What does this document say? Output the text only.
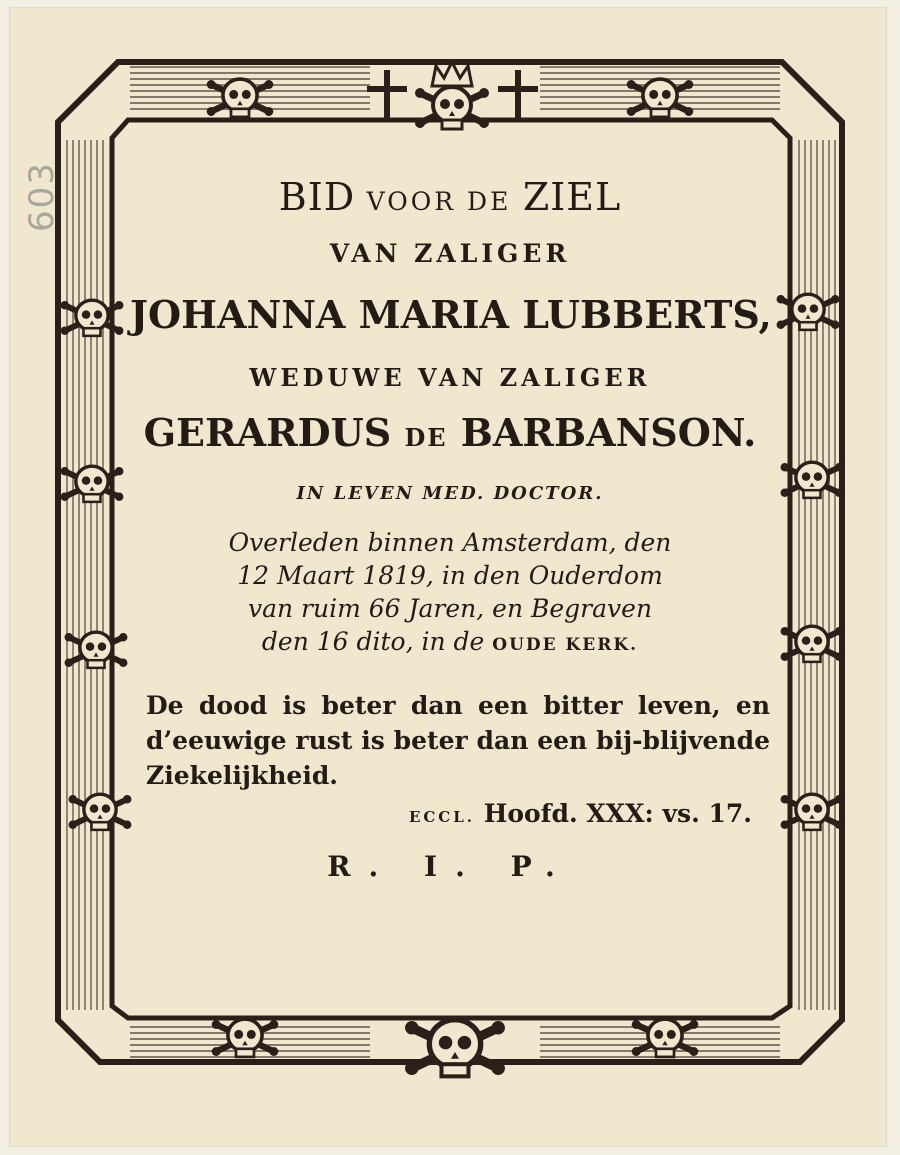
603	BID VOOR DE ZIEL
VAN ZALIGER
JOHANNA MARIA LUBBERTS,
WEDUWE VAN ZALIGER
GERARDUS DE BARBANSON.
IN LEVEN MED. DOCTOR.
Overleden binnen Amsterdam, den
12 Maart 1819, in den Ouderdom
van ruim 66 Jaren, en Begraven
den 16 dito, in de OUDE KERK.
De dood is beter dan een bitter leven, en d’eeuwige rust is beter dan een bij-blijvende Ziekelijkheid.
ECCL. Hoofd. XXX: vs. 17.
R. I. P.
